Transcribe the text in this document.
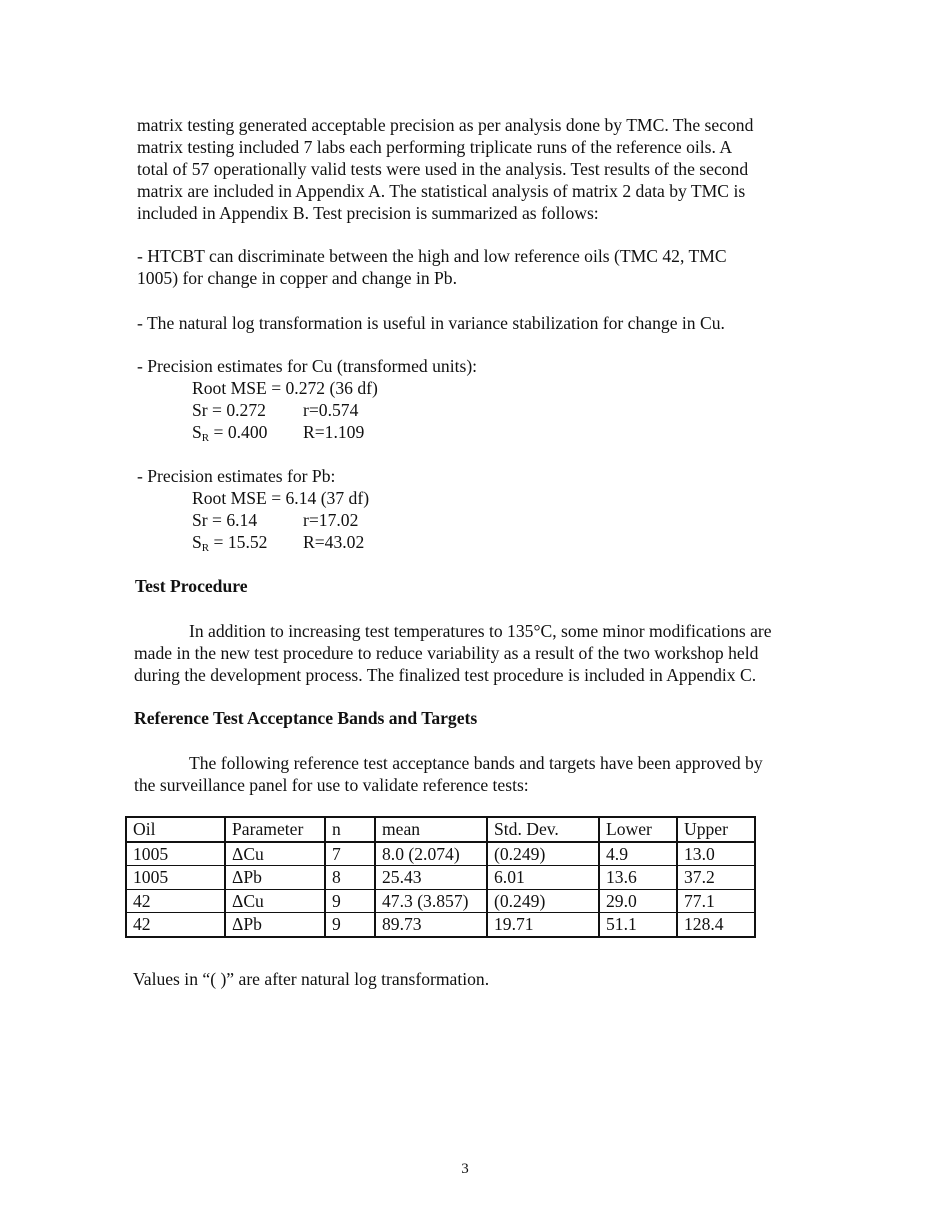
matrix testing generated acceptable precision as per analysis done by TMC. The second
matrix testing included 7 labs each performing triplicate runs of the reference oils. A
total of 57 operationally valid tests were used in the analysis. Test results of the second
matrix are included in Appendix A. The statistical analysis of matrix 2 data by TMC is
included in Appendix B. Test precision is summarized as follows:
- HTCBT can discriminate between the high and low reference oils (TMC 42, TMC
1005) for change in copper and change in Pb.
- The natural log transformation is useful in variance stabilization for change in Cu.
- Precision estimates for Cu (transformed units):
Root MSE = 0.272 (36 df)
Sr = 0.272 r=0.574
$S_R = 0.400$ R=1.109
- Precision estimates for Pb:
Root MSE = 6.14 (37 df)
Sr = 6.14	r=17.02
$S_R = 15.52$ R=43.02
Test Procedure
In addition to increasing test temperatures to 135°C, some minor modifications are
made in the new test procedure to reduce variability as a result of the two workshop held
during the development process. The finalized test procedure is included in Appendix C.
Reference Test Acceptance Bands and Targets
The following reference test acceptance bands and targets have been approved by
the surveillance panel for use to validate reference tests:
Oil	Parameter	n	mean	Std. Dev.	Lower	Upper
1005	ΔCu	7	8.0 (2.074)	(0.249)	4.9	13.0
1005	ΔPb	8	25.43	6.01	13.6	37.2
42	ΔCu	9	47.3 (3.857)	(0.249)	29.0	77.1
42	ΔPb	9	89.73	19.71	51.1	128.4
Values in “( )” are after natural log transformation.
3
